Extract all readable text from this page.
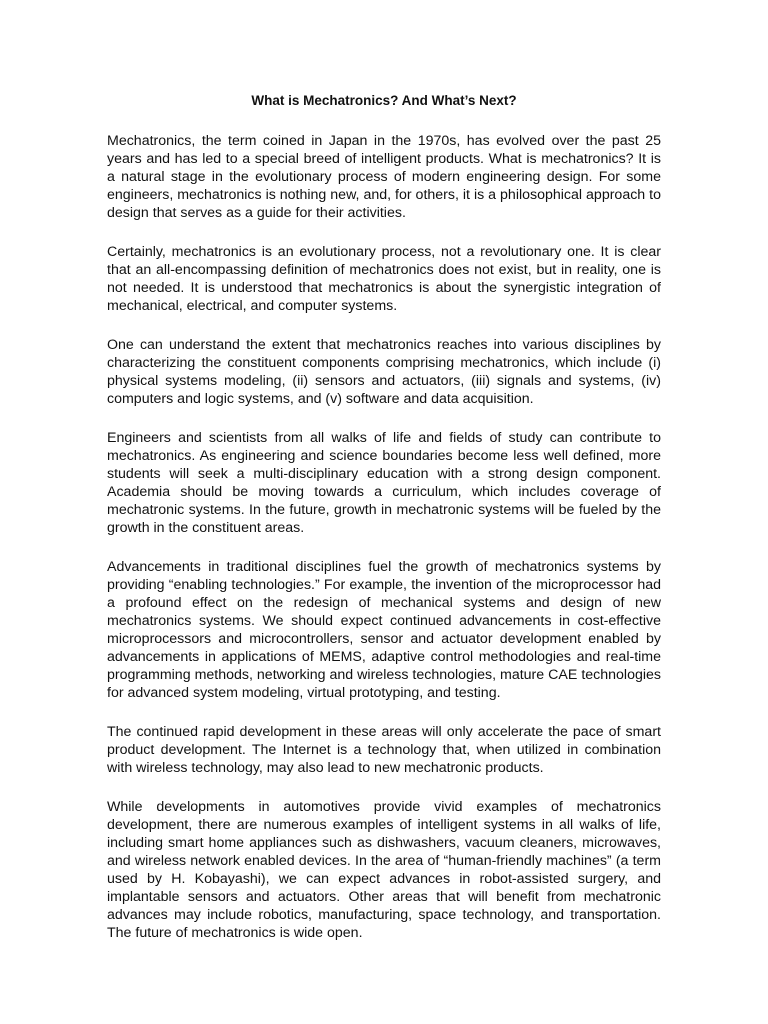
What is Mechatronics? And What’s Next?

Mechatronics, the term coined in Japan in the 1970s, has evolved over the past 25 years and has led to a special breed of intelligent products. What is mechatronics? It is a natural stage in the evolutionary process of modern engineering design. For some engineers, mechatronics is nothing new, and, for others, it is a philosophical approach to design that serves as a guide for their activities.

Certainly, mechatronics is an evolutionary process, not a revolutionary one. It is clear that an all-encompassing definition of mechatronics does not exist, but in reality, one is not needed. It is understood that mechatronics is about the synergistic integration of mechanical, electrical, and computer systems.

One can understand the extent that mechatronics reaches into various disciplines by characterizing the constituent components comprising mechatronics, which include (i) physical systems modeling, (ii) sensors and actuators, (iii) signals and systems, (iv) computers and logic systems, and (v) software and data acquisition.

Engineers and scientists from all walks of life and fields of study can contribute to mechatronics. As engineering and science boundaries become less well defined, more students will seek a multi-disciplinary education with a strong design component. Academia should be moving towards a curriculum, which includes coverage of mechatronic systems. In the future, growth in mechatronic systems will be fueled by the growth in the constituent areas.

Advancements in traditional disciplines fuel the growth of mechatronics systems by providing “enabling technologies.” For example, the invention of the microprocessor had a profound effect on the redesign of mechanical systems and design of new mechatronics systems. We should expect continued advancements in cost-effective microprocessors and microcontrollers, sensor and actuator development enabled by advancements in applications of MEMS, adaptive control methodologies and real-time programming methods, networking and wireless technologies, mature CAE technologies for advanced system modeling, virtual prototyping, and testing.

The continued rapid development in these areas will only accelerate the pace of smart product development. The Internet is a technology that, when utilized in combination with wireless technology, may also lead to new mechatronic products.

While developments in automotives provide vivid examples of mechatronics development, there are numerous examples of intelligent systems in all walks of life, including smart home appliances such as dishwashers, vacuum cleaners, microwaves, and wireless network enabled devices. In the area of “human-friendly machines” (a term used by H. Kobayashi), we can expect advances in robot-assisted surgery, and implantable sensors and actuators. Other areas that will benefit from mechatronic advances may include robotics, manufacturing, space technology, and transportation. The future of mechatronics is wide open.
